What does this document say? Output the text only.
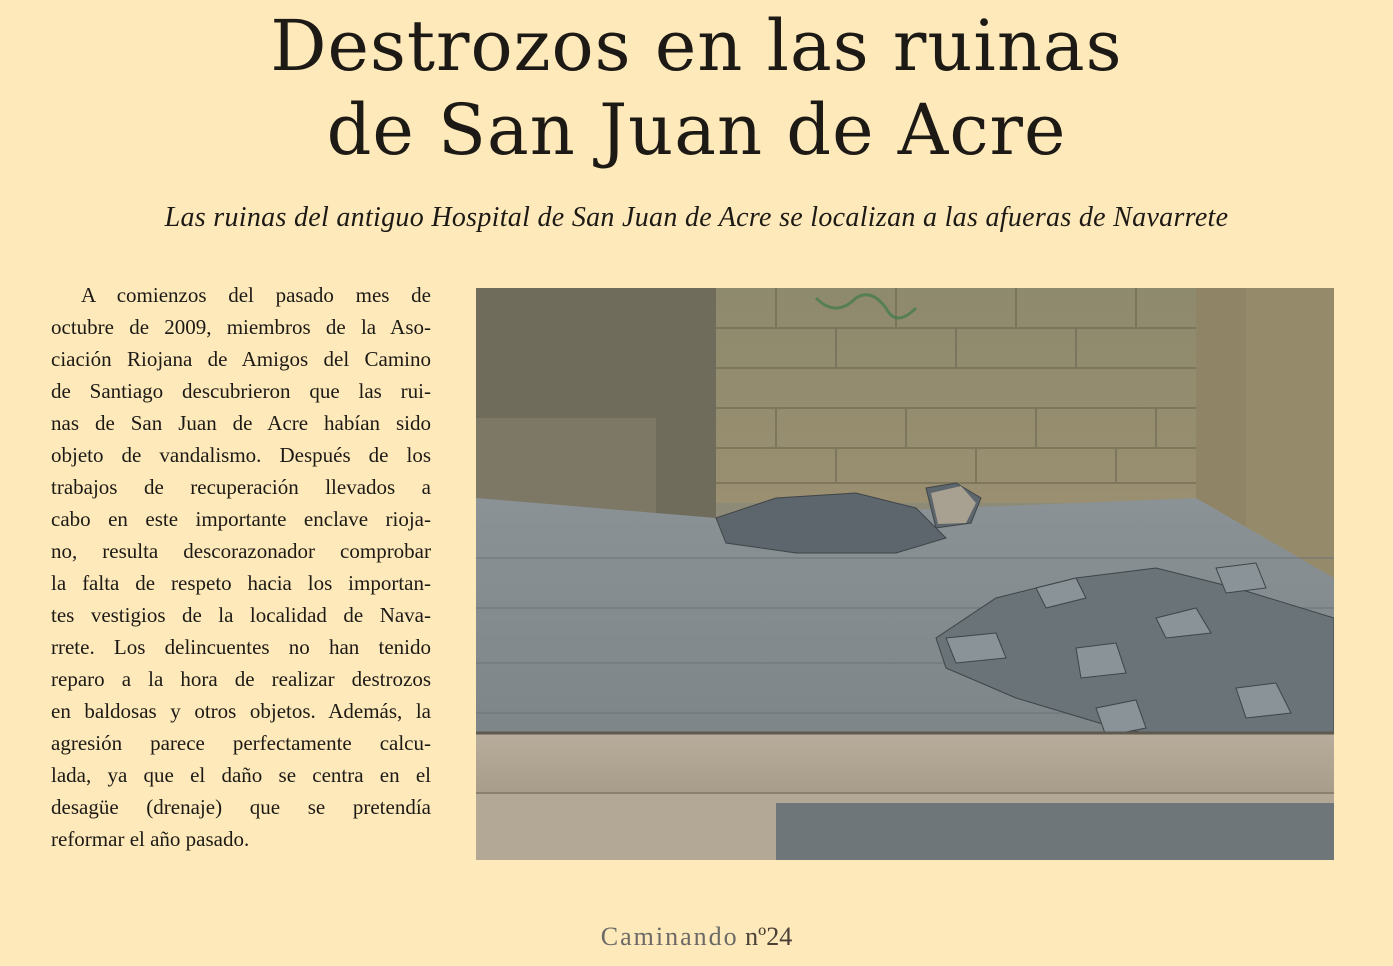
Destrozos en las ruinas
de San Juan de Acre

Las ruinas del antiguo Hospital de San Juan de Acre se localizan a las afueras de Navarrete

A comienzos del pasado mes de
octubre de 2009, miembros de la Aso-
ciación Riojana de Amigos del Camino
de Santiago descubrieron que las rui-
nas de San Juan de Acre habían sido
objeto de vandalismo. Después de los
trabajos de recuperación llevados a
cabo en este importante enclave rioja-
no, resulta descorazonador comprobar
la falta de respeto hacia los importan-
tes vestigios de la localidad de Nava-
rrete. Los delincuentes no han tenido
reparo a la hora de realizar destrozos
en baldosas y otros objetos. Además, la
agresión parece perfectamente calcu-
lada, ya que el daño se centra en el
desagüe (drenaje) que se pretendía
reformar el año pasado.
Caminando nº24
